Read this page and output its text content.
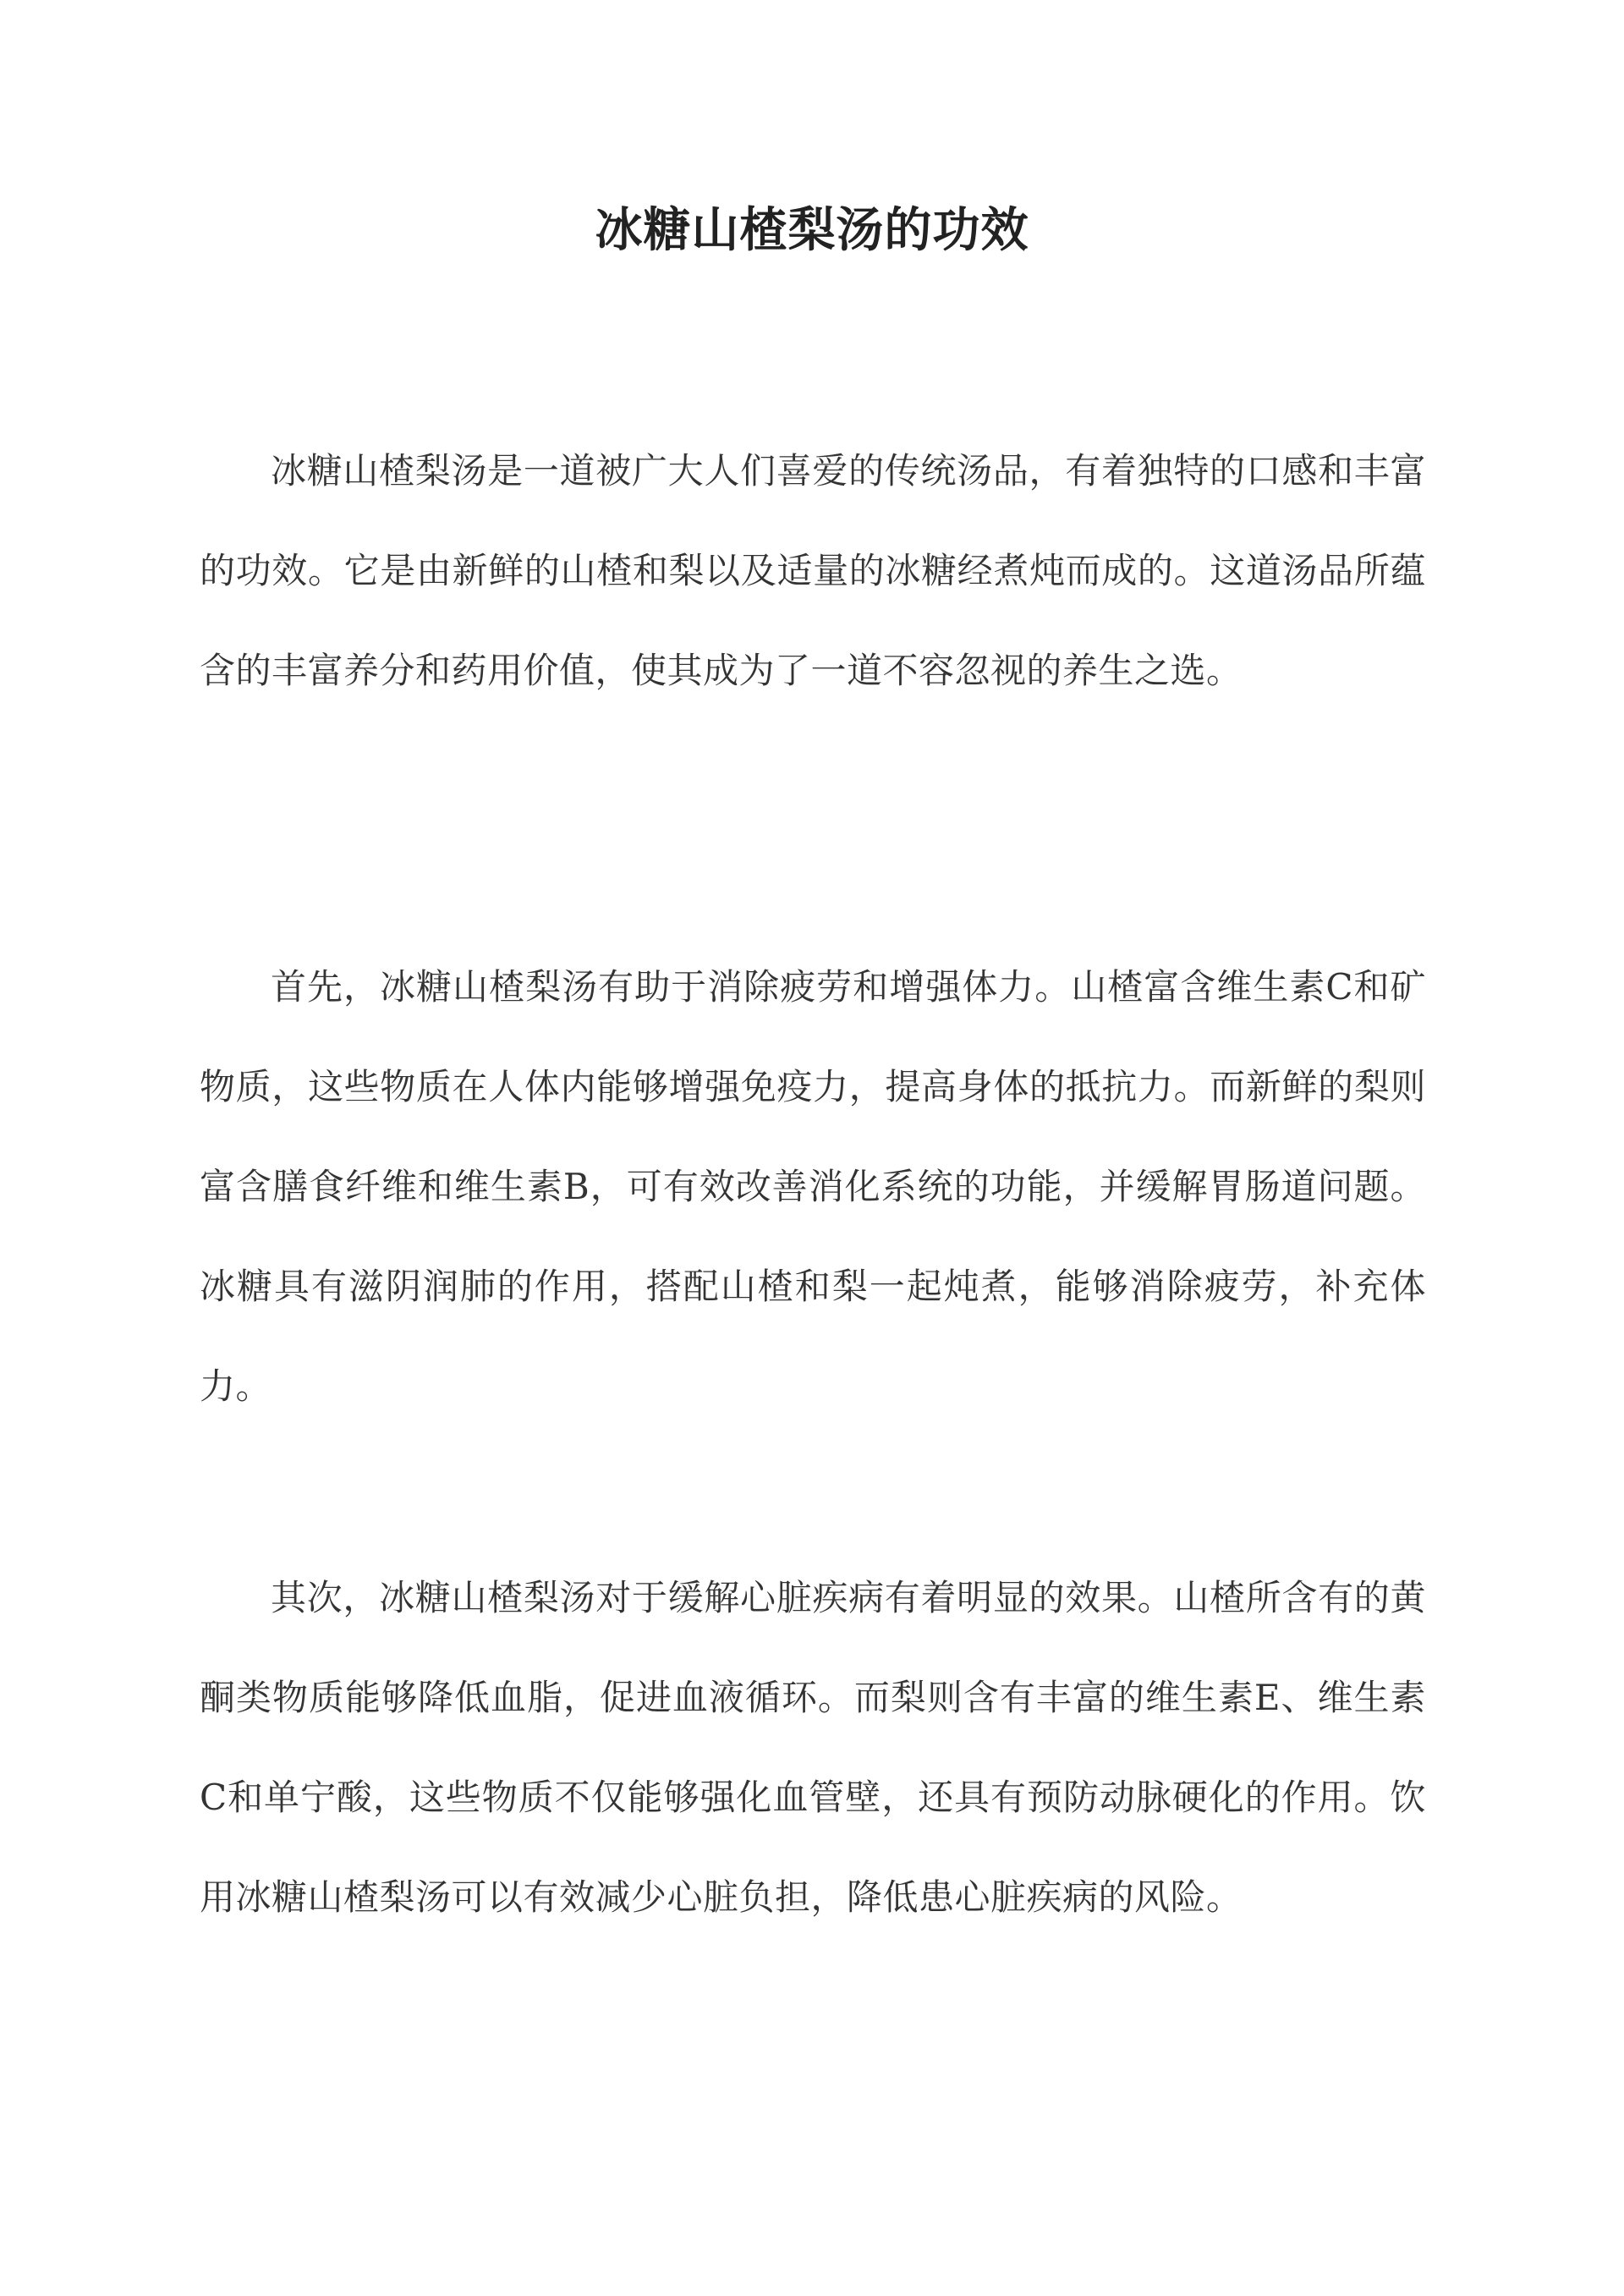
冰糖山楂梨汤的功效

冰糖山楂梨汤是一道被广大人们喜爱的传统汤品，有着独特的口感和丰富的功效。它是由新鲜的山楂和梨以及适量的冰糖经煮炖而成的。这道汤品所蕴含的丰富养分和药用价值，使其成为了一道不容忽视的养生之选。

首先，冰糖山楂梨汤有助于消除疲劳和增强体力。山楂富含维生素C和矿物质，这些物质在人体内能够增强免疫力，提高身体的抵抗力。而新鲜的梨则富含膳食纤维和维生素B，可有效改善消化系统的功能，并缓解胃肠道问题。冰糖具有滋阴润肺的作用，搭配山楂和梨一起炖煮，能够消除疲劳，补充体力。

其次，冰糖山楂梨汤对于缓解心脏疾病有着明显的效果。山楂所含有的黄酮类物质能够降低血脂，促进血液循环。而梨则含有丰富的维生素E、维生素C和单宁酸，这些物质不仅能够强化血管壁，还具有预防动脉硬化的作用。饮用冰糖山楂梨汤可以有效减少心脏负担，降低患心脏疾病的风险。
